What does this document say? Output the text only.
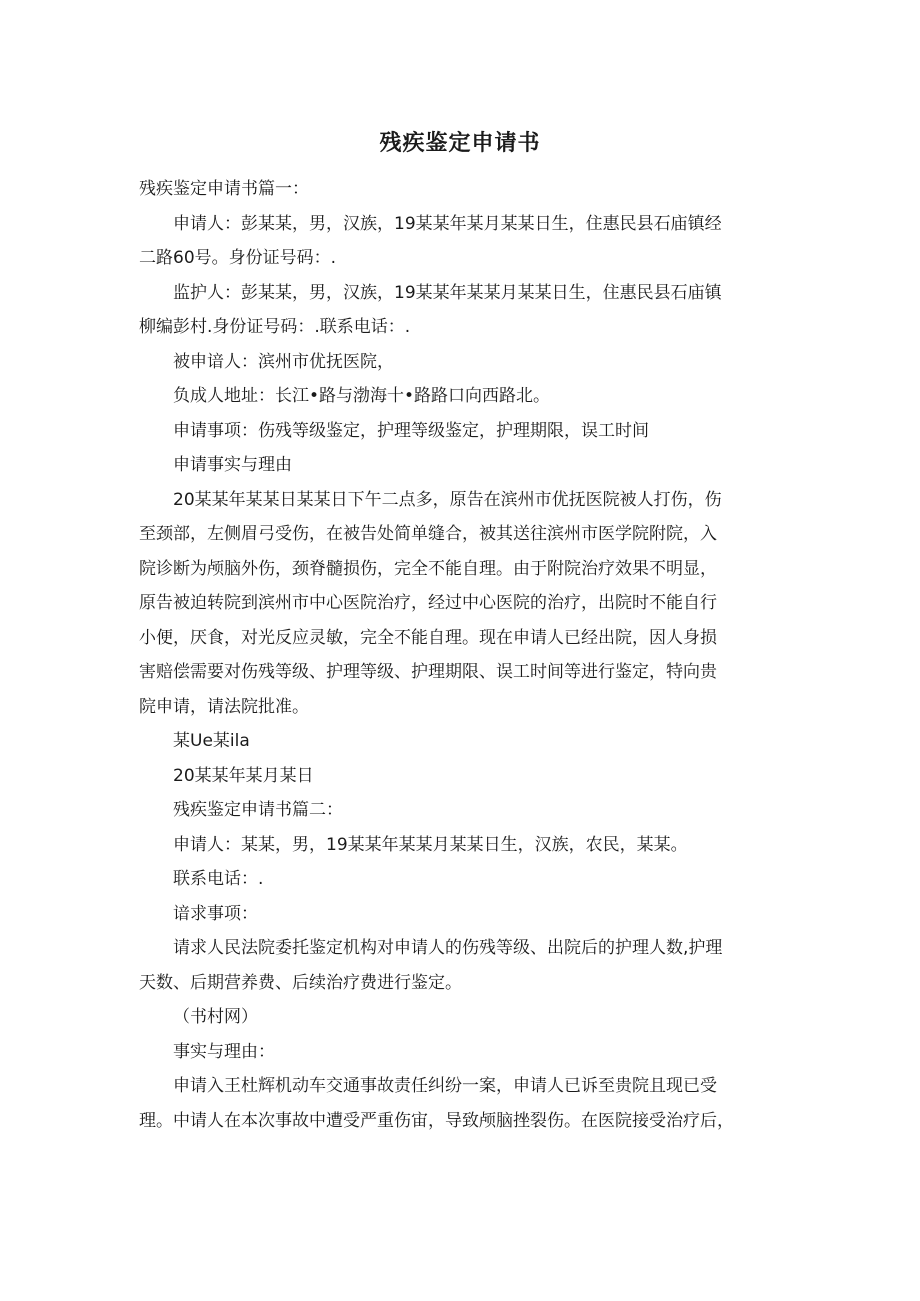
残疾鉴定申请书
残疾鉴定申请书篇一：
申请人：彭某某，男，汉族，19某某年某月某某日生，住惠民县石庙镇经
二路60号。身份证号码：.
监护人：彭某某，男，汉族，19某某年某某月某某日生，住惠民县石庙镇
柳编彭村.身份证号码：.联系电话：.
被申谙人：滨州市优抚医院，
负成人地址：长江•路与渤海十•路路口向西路北。
申请事项：伤残等级鉴定，护理等级鉴定，护理期限，误工时间
申请事实与理由
20某某年某某日某某日下午二点多，原告在滨州市优抚医院被人打伤，伤
至颈部，左侧眉弓受伤，在被告处简单缝合，被其送往滨州市医学院附院，入
院诊断为颅脑外伤，颈脊髓损伤，完全不能自理。由于附院治疗效果不明显，
原告被迫转院到滨州市中心医院治疗，经过中心医院的治疗，出院时不能自行
小便，厌食，对光反应灵敏，完全不能自理。现在申请人已经出院，因人身损
害赔偿需要对伤残等级、护理等级、护理期限、误工时间等进行鉴定，特向贵
院申请，请法院批准。
某Ue某ila
20某某年某月某日
残疾鉴定申请书篇二：
申请人：某某，男，19某某年某某月某某日生，汉族，农民，某某。
联系电话：.
谙求事项：
请求人民法院委托鉴定机构对申请人的伤残等级、出院后的护理人数,护理
天数、后期营养费、后续治疗费进行鉴定。
（书村网）
事实与理由：
申请入王杜辉机动车交通事故责任纠纷一案，申请人已诉至贵院且现已受
理。中请人在本次事故中遭受严重伤宙，导致颅脑挫裂伤。在医院接受治疗后，
